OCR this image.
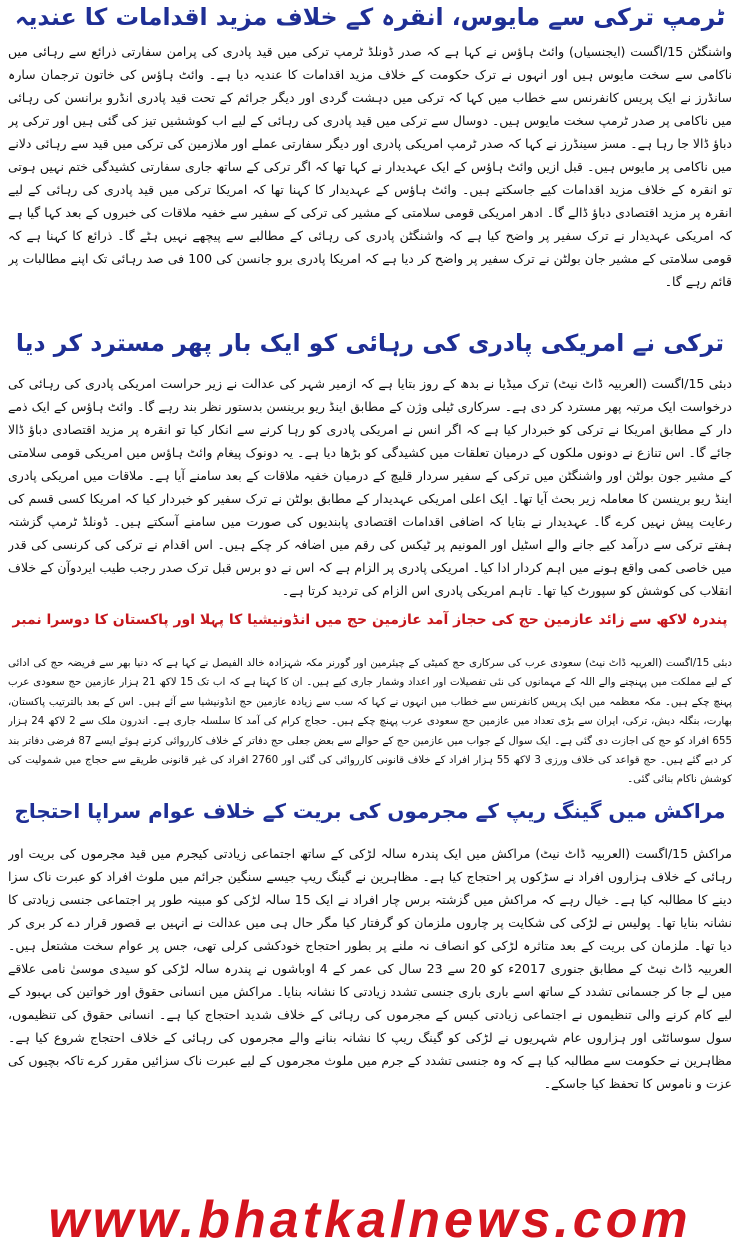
ٹرمپ ترکی سے مایوس، انقرہ کے خلاف مزید اقدامات کا عندیہ

واشنگٹن 15/اگست (ایجنسیاں) وائٹ ہاؤس نے کہا ہے کہ صدر ڈونلڈ ٹرمپ ترکی میں قید پادری کی پرامن سفارتی ذرائع سے رہائی میں ناکامی سے سخت مایوس ہیں اور انہوں نے ترک حکومت کے خلاف مزید اقدامات کا عندیہ دیا ہے۔ وائٹ ہاؤس کی خاتون ترجمان سارہ سانڈرز نے ایک پریس کانفرنس سے خطاب میں کہا کہ ترکی میں دہشت گردی اور دیگر جرائم کے تحت قید پادری انڈرو برانسن کی رہائی میں ناکامی پر صدر ٹرمپ سخت مایوس ہیں۔ دوسال سے ترکی میں قید پادری کی رہائی کے لیے اب کوششیں تیز کی گئی ہیں اور ترکی پر دباؤ ڈالا جا رہا ہے۔ مسز سینڈرز نے کہا کہ صدر ٹرمپ امریکی پادری اور دیگر سفارتی عملے اور ملازمین کی ترکی میں قید سے رہائی دلانے میں ناکامی پر مایوس ہیں۔ قبل ازیں وائٹ ہاؤس کے ایک عہدیدار نے کہا تھا کہ اگر ترکی کے ساتھ جاری سفارتی کشیدگی ختم نہیں ہوتی تو انقرہ کے خلاف مزید اقدامات کیے جاسکتے ہیں۔ وائٹ ہاؤس کے عہدیدار کا کہنا تھا کہ امریکا ترکی میں قید پادری کی رہائی کے لیے انقرہ پر مزید اقتصادی دباؤ ڈالے گا۔ ادھر امریکی قومی سلامتی کے مشیر کی ترکی کے سفیر سے خفیہ ملاقات کی خبروں کے بعد کہا گیا ہے کہ امریکی عہدیدار نے ترک سفیر پر واضح کیا ہے کہ واشنگٹن پادری کی رہائی کے مطالبے سے پیچھے نہیں ہٹے گا۔ ذرائع کا کہنا ہے کہ قومی سلامتی کے مشیر جان بولٹن نے ترک سفیر پر واضح کر دیا ہے کہ امریکا پادری برو جانسن کی 100 فی صد رہائی تک اپنے مطالبات پر قائم رہے گا۔

ترکی نے امریکی پادری کی رہائی کو ایک بار پھر مسترد کر دیا

دبئی 15/اگست (العربیہ ڈاٹ نیٹ) ترک میڈیا نے بدھ کے روز بتایا ہے کہ ازمیر شہر کی عدالت نے زیر حراست امریکی پادری کی رہائی کی درخواست ایک مرتبہ پھر مسترد کر دی ہے۔ سرکاری ٹیلی وژن کے مطابق اینڈ ریو برینسن بدستور نظر بند رہے گا۔ وائٹ ہاؤس کے ایک ذمے دار کے مطابق امریکا نے ترکی کو خبردار کیا ہے کہ اگر انس نے امریکی پادری کو رہا کرنے سے انکار کیا تو انقرہ پر مزید اقتصادی دباؤ ڈالا جائے گا۔ اس تنازع نے دونوں ملکوں کے درمیان تعلقات میں کشیدگی کو بڑھا دیا ہے۔ یہ دونوک پیغام وائٹ ہاؤس میں امریکی قومی سلامتی کے مشیر جون بولٹن اور واشنگٹن میں ترکی کے سفیر سردار قلیچ کے درمیان خفیہ ملاقات کے بعد سامنے آیا ہے۔ ملاقات میں امریکی پادری اینڈ ریو برینسن کا معاملہ زیر بحث آیا تھا۔ ایک اعلی امریکی عہدیدار کے مطابق بولٹن نے ترک سفیر کو خبردار کیا کہ امریکا کسی قسم کی رعایت پیش نہیں کرے گا۔ عہدیدار نے بتایا کہ اضافی اقدامات اقتصادی پابندیوں کی صورت میں سامنے آسکتے ہیں۔ ڈونلڈ ٹرمپ گزشتہ ہفتے ترکی سے درآمد کیے جانے والے اسٹیل اور المونیم پر ٹیکس کی رقم میں اضافہ کر چکے ہیں۔ اس اقدام نے ترکی کی کرنسی کی قدر میں خاصی کمی واقع ہونے میں اہم کردار ادا کیا۔ امریکی پادری پر الزام ہے کہ اس نے دو برس قبل ترک صدر رجب طیب ایردوآن کے خلاف انقلاب کی کوشش کو سپورٹ کیا تھا۔ تاہم امریکی پادری اس الزام کی تردید کرتا ہے۔

پندرہ لاکھ سے زائد عازمین حج کی حجاز آمد عازمین حج میں انڈونیشیا کا پہلا اور پاکستان کا دوسرا نمبر

دبئی 15/اگست (العربیہ ڈاٹ نیٹ) سعودی عرب کی سرکاری حج کمیٹی کے چیئرمین اور گورنر مکہ شہزادہ خالد الفیصل نے کہا ہے کہ دنیا بھر سے فریضہ حج کی ادائی کے لیے مملکت میں پہنچنے والے اللہ کے مہمانوں کی نئی تفصیلات اور اعداد وشمار جاری کیے ہیں۔ ان کا کہنا ہے کہ اب تک 15 لاکھ 21 ہزار عازمین حج سعودی عرب پہنچ چکے ہیں۔ مکہ معظمہ میں ایک پریس کانفرنس سے خطاب میں انہوں نے کہا کہ سب سے زیادہ عازمین حج انڈونیشیا سے آئے ہیں۔ اس کے بعد بالترتیب پاکستان، بھارت، بنگلہ دیش، ترکی، ایران سے بڑی تعداد میں عازمین حج سعودی عرب پہنچ چکے ہیں۔ حجاج کرام کی آمد کا سلسلہ جاری ہے۔ اندرون ملک سے 2 لاکھ 24 ہزار 655 افراد کو حج کی اجازت دی گئی ہے۔ ایک سوال کے جواب میں عازمین حج کے حوالے سے بعض جعلی حج دفاتر کے خلاف کارروائی کرتے ہوئے ایسے 87 فرضی دفاتر بند کر دیے گئے ہیں۔ حج قواعد کی خلاف ورزی 3 لاکھ 55 ہزار افراد کے خلاف قانونی کارروائی کی گئی اور 2760 افراد کی غیر قانونی طریقے سے حجاج میں شمولیت کی کوشش ناکام بنائی گئی۔

مراکش میں گینگ ریپ کے مجرموں کی بریت کے خلاف عوام سراپا احتجاج

مراکش 15/اگست (العربیہ ڈاٹ نیٹ) مراکش میں ایک پندرہ سالہ لڑکی کے ساتھ اجتماعی زیادتی کیجرم میں قید مجرموں کی بریت اور رہائی کے خلاف ہزاروں افراد نے سڑکوں پر احتجاج کیا ہے۔ مظاہرین نے گینگ ریپ جیسے سنگین جرائم میں ملوث افراد کو عبرت ناک سزا دینے کا مطالبہ کیا ہے۔ خیال رہے کہ مراکش میں گزشتہ برس چار افراد نے ایک 15 سالہ لڑکی کو مبینہ طور پر اجتماعی جنسی زیادتی کا نشانہ بنایا تھا۔ پولیس نے لڑکی کی شکایت پر چاروں ملزمان کو گرفتار کیا مگر حال ہی میں عدالت نے انہیں بے قصور قرار دے کر بری کر دیا تھا۔ ملزمان کی بریت کے بعد متاثرہ لڑکی کو انصاف نہ ملنے پر بطور احتجاج خودکشی کرلی تھی، جس پر عوام سخت مشتعل ہیں۔ العربیہ ڈاٹ نیٹ کے مطابق جنوری 2017ء کو 20 سے 23 سال کی عمر کے 4 اوباشوں نے پندرہ سالہ لڑکی کو سیدی موسیٰ نامی علاقے میں لے جا کر جسمانی تشدد کے ساتھ اسے باری باری جنسی تشدد زیادتی کا نشانہ بنایا۔ مراکش میں انسانی حقوق اور خواتین کی بہبود کے لیے کام کرنے والی تنظیموں نے اجتماعی زیادتی کیس کے مجرموں کی رہائی کے خلاف شدید احتجاج کیا ہے۔ انسانی حقوق کی تنظیموں، سول سوسائٹی اور ہزاروں عام شہریوں نے لڑکی کو گینگ ریپ کا نشانہ بنانے والے مجرموں کی رہائی کے خلاف احتجاج شروع کیا ہے۔ مظاہرین نے حکومت سے مطالبہ کیا ہے کہ وہ جنسی تشدد کے جرم میں ملوث مجرموں کے لیے عبرت ناک سزائیں مقرر کرے تاکہ بچیوں کی عزت و ناموس کا تحفظ کیا جاسکے۔

www.bhatkalnews.com
